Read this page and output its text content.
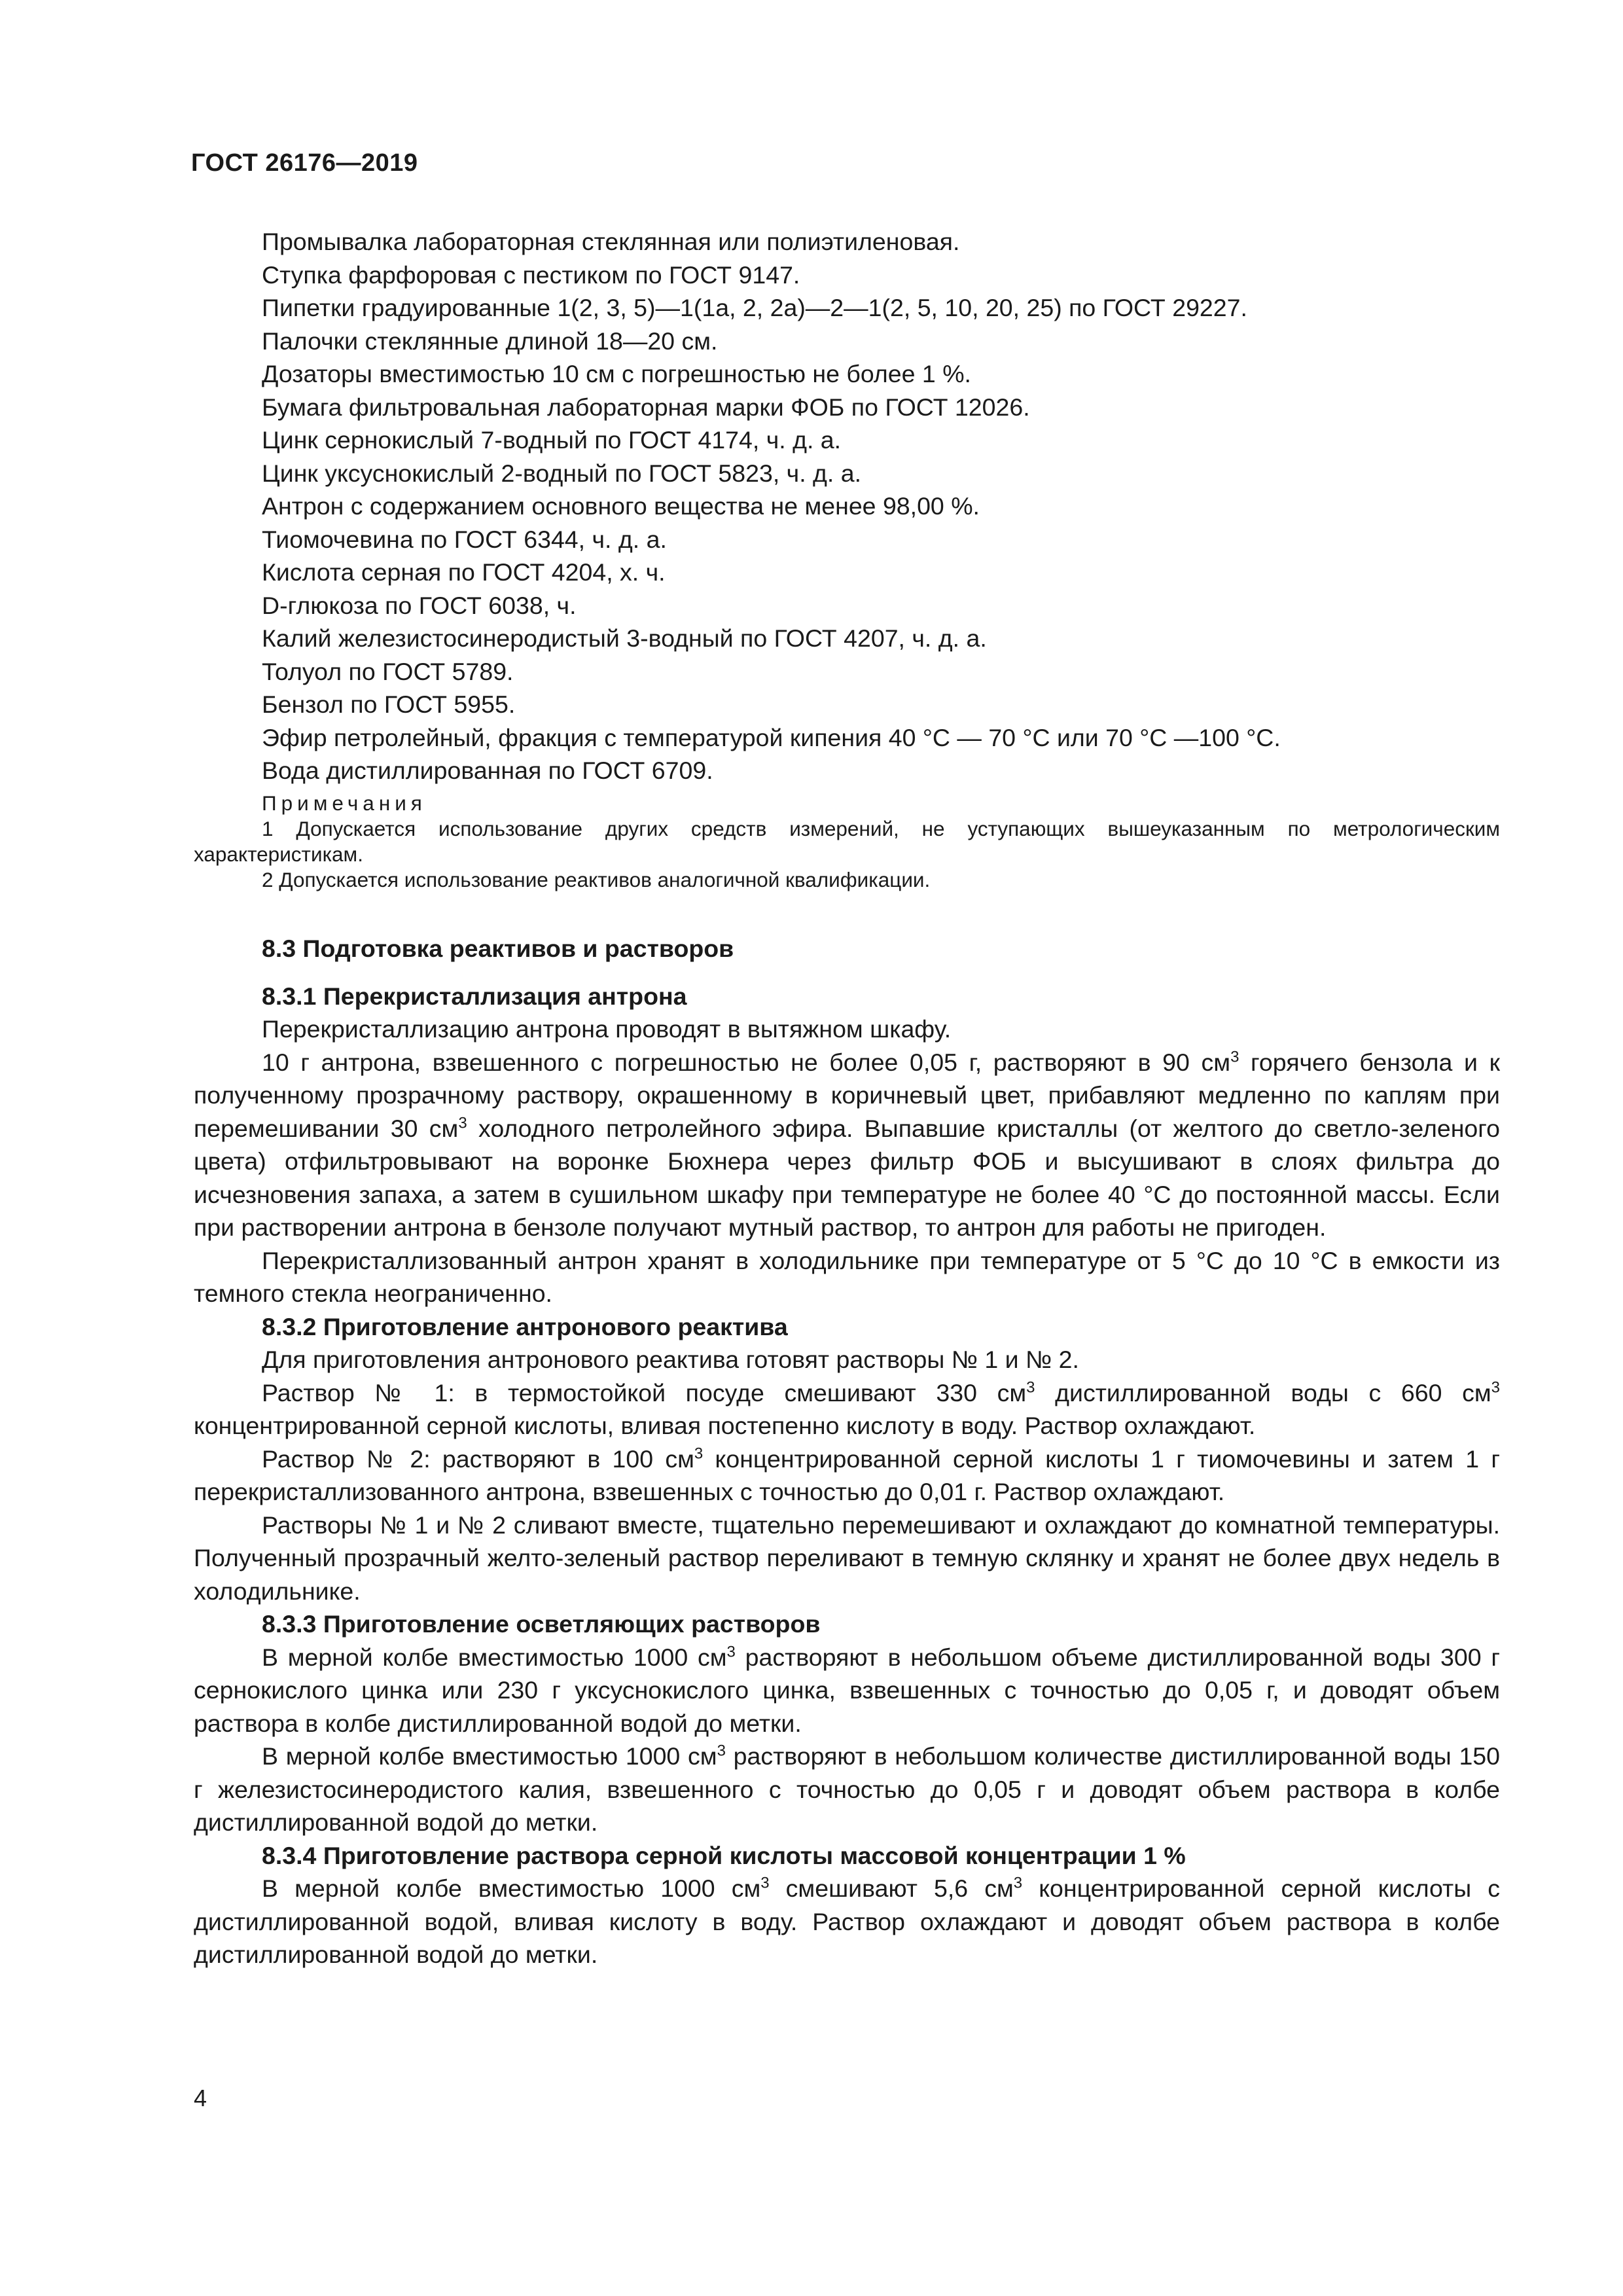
ГОСТ 26176—2019
Промывалка лабораторная стеклянная или полиэтиленовая.
Ступка фарфоровая с пестиком по ГОСТ 9147.
Пипетки градуированные 1(2, 3, 5)—1(1а, 2, 2а)—2—1(2, 5, 10, 20, 25) по ГОСТ 29227.
Палочки стеклянные длиной 18—20 см.
Дозаторы вместимостью 10 см с погрешностью не более 1 %.
Бумага фильтровальная лабораторная марки ФОБ по ГОСТ 12026.
Цинк сернокислый 7-водный по ГОСТ 4174, ч. д. а.
Цинк уксуснокислый 2-водный по ГОСТ 5823, ч. д. а.
Антрон с содержанием основного вещества не менее 98,00 %.
Тиомочевина по ГОСТ 6344, ч. д. а.
Кислота серная по ГОСТ 4204, х. ч.
D-глюкоза по ГОСТ 6038, ч.
Калий железистосинеродистый 3-водный по ГОСТ 4207, ч. д. а.
Толуол по ГОСТ 5789.
Бензол по ГОСТ 5955.
Эфир петролейный, фракция с температурой кипения 40 °С — 70 °С или 70 °С —100 °С.
Вода дистиллированная по ГОСТ 6709.
Примечания
1 Допускается использование других средств измерений, не уступающих вышеуказанным по метрологическим характеристикам.
2 Допускается использование реактивов аналогичной квалификации.
8.3 Подготовка реактивов и растворов
8.3.1 Перекристаллизация антрона
Перекристаллизацию антрона проводят в вытяжном шкафу.
10 г антрона, взвешенного с погрешностью не более 0,05 г, растворяют в 90 $см^3$ горячего бензола и к полученному прозрачному раствору, окрашенному в коричневый цвет, прибавляют медленно по каплям при перемешивании 30 $см^3$ холодного петролейного эфира. Выпавшие кристаллы (от желтого до светло-зеленого цвета) отфильтровывают на воронке Бюхнера через фильтр ФОБ и высушивают в слоях фильтра до исчезновения запаха, а затем в сушильном шкафу при температуре не более 40 °С до постоянной массы. Если при растворении антрона в бензоле получают мутный раствор, то антрон для работы не пригоден.
Перекристаллизованный антрон хранят в холодильнике при температуре от 5 °С до 10 °С в емкости из темного стекла неограниченно.
8.3.2 Приготовление антронового реактива
Для приготовления антронового реактива готовят растворы № 1 и № 2.
Раствор № 1: в термостойкой посуде смешивают 330 $см^3$ дистиллированной воды с 660 $см^3$ концентрированной серной кислоты, вливая постепенно кислоту в воду. Раствор охлаждают.
Раствор № 2: растворяют в 100 $см^3$ концентрированной серной кислоты 1 г тиомочевины и затем 1 г перекристаллизованного антрона, взвешенных с точностью до 0,01 г. Раствор охлаждают.
Растворы № 1 и № 2 сливают вместе, тщательно перемешивают и охлаждают до комнатной температуры. Полученный прозрачный желто-зеленый раствор переливают в темную склянку и хранят не более двух недель в холодильнике.
8.3.3 Приготовление осветляющих растворов
В мерной колбе вместимостью 1000 $см^3$ растворяют в небольшом объеме дистиллированной воды 300 г сернокислого цинка или 230 г уксуснокислого цинка, взвешенных с точностью до 0,05 г, и доводят объем раствора в колбе дистиллированной водой до метки.
В мерной колбе вместимостью 1000 $см^3$ растворяют в небольшом количестве дистиллированной воды 150 г железистосинеродистого калия, взвешенного с точностью до 0,05 г и доводят объем раствора в колбе дистиллированной водой до метки.
8.3.4 Приготовление раствора серной кислоты массовой концентрации 1 %
В мерной колбе вместимостью 1000 $см^3$ смешивают 5,6 $см^3$ концентрированной серной кислоты с дистиллированной водой, вливая кислоту в воду. Раствор охлаждают и доводят объем раствора в колбе дистиллированной водой до метки.
4
